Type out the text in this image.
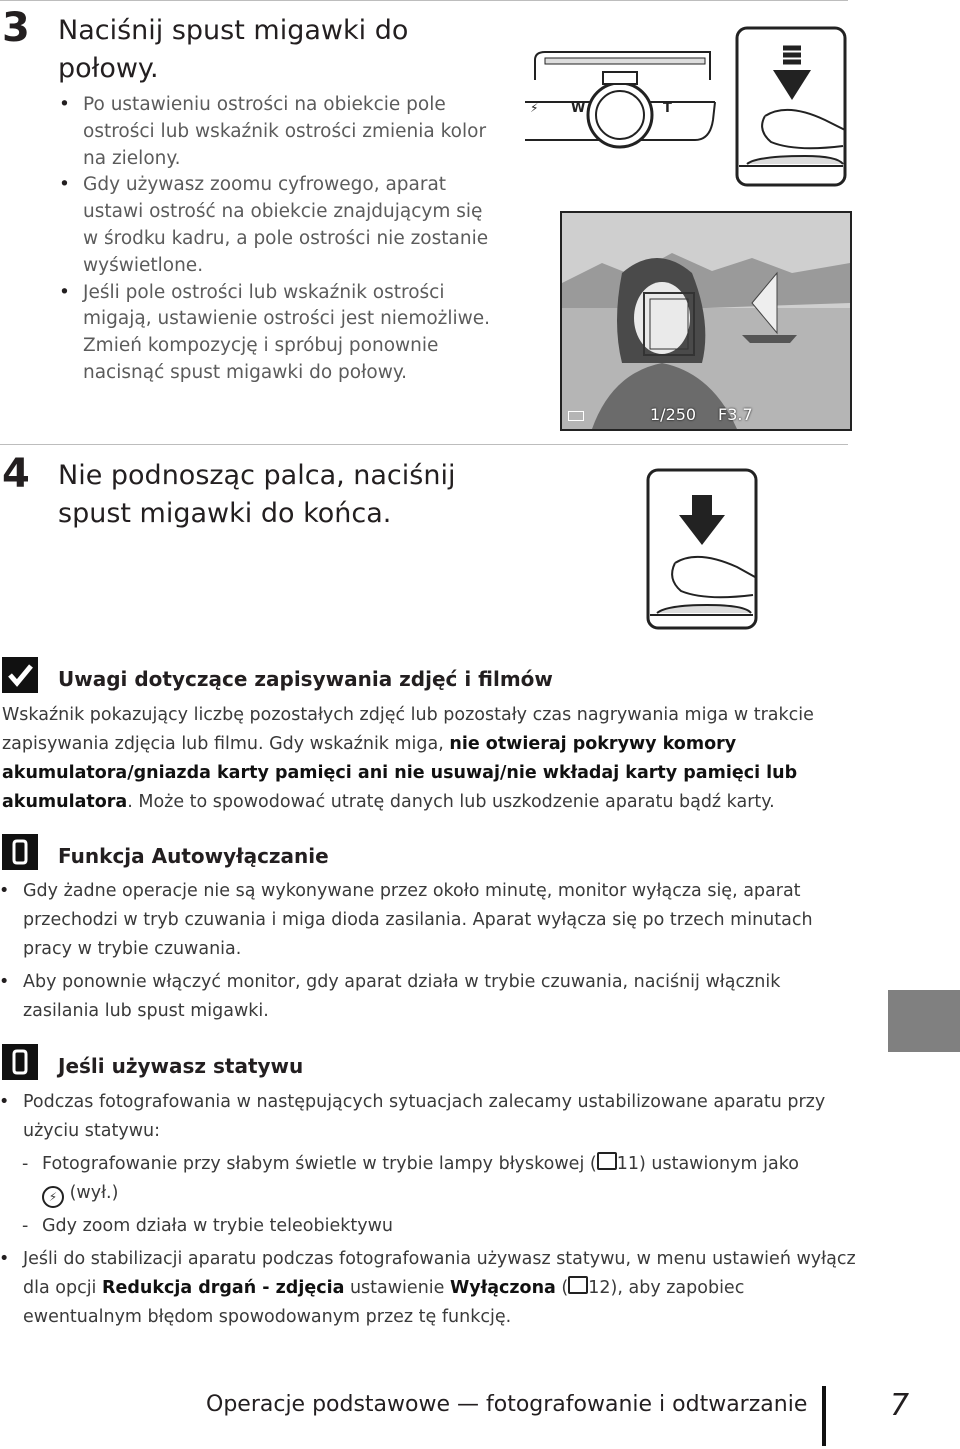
3 Naciśnij spust migawki do połowy.
• Po ustawieniu ostrości na obiekcie pole ostrości lub wskaźnik ostrości zmienia kolor na zielony.
• Gdy używasz zoomu cyfrowego, aparat ustawi ostrość na obiekcie znajdującym się w środku kadru, a pole ostrości nie zostanie wyświetlone.
• Jeśli pole ostrości lub wskaźnik ostrości migają, ustawienie ostrości jest niemożliwe. Zmień kompozycję i spróbuj ponownie nacisnąć spust migawki do połowy.
W	T
⚡
1/250 F3.7
4 Nie podnosząc palca, naciśnij spust migawki do końca.
Uwagi dotyczące zapisywania zdjęć i filmów
Wskaźnik pokazujący liczbę pozostałych zdjęć lub pozostały czas nagrywania miga w trakcie zapisywania zdjęcia lub filmu. Gdy wskaźnik miga, nie otwieraj pokrywy komory akumulatora/gniazda karty pamięci ani nie usuwaj/nie wkładaj karty pamięci lub akumulatora. Może to spowodować utratę danych lub uszkodzenie aparatu bądź karty.
Funkcja Autowyłączanie
• Gdy żadne operacje nie są wykonywane przez około minutę, monitor wyłącza się, aparat przechodzi w tryb czuwania i miga dioda zasilania. Aparat wyłącza się po trzech minutach pracy w trybie czuwania.
• Aby ponownie włączyć monitor, gdy aparat działa w trybie czuwania, naciśnij włącznik zasilania lub spust migawki.
Jeśli używasz statywu
• Podczas fotografowania w następujących sytuacjach zalecamy ustabilizowane aparatu przy użyciu statywu:
- Fotografowanie przy słabym świetle w trybie lampy błyskowej ( 11) ustawionym jako
⚡ (wył.)
- Gdy zoom działa w trybie teleobiektywu
• Jeśli do stabilizacji aparatu podczas fotografowania używasz statywu, w menu ustawień wyłącz dla opcji Redukcja drgań - zdjęcia ustawienie Wyłączona ( 12), aby zapobiec ewentualnym błędom spowodowanym przez tę funkcję.
Operacje podstawowe — fotografowanie i odtwarzanie	7
